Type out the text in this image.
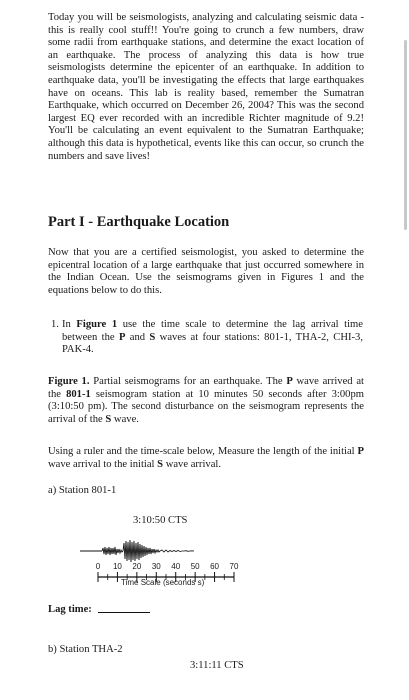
Today you will be seismologists, analyzing and calculating seismic data - this is really cool stuff!! You're going to crunch a few numbers, draw some radii from earthquake stations, and determine the exact location of an earthquake. The process of analyzing this data is how true seismologists determine the epicenter of an earthquake. In addition to earthquake data, you'll be investigating the effects that large earthquakes have on oceans. This lab is reality based, remember the Sumatran Earthquake, which occurred on December 26, 2004? This was the second largest EQ ever recorded with an incredible Richter magnitude of 9.2! You'll be calculating an event equivalent to the Sumatran Earthquake; although this data is hypothetical, events like this can occur, so crunch the numbers and save lives!
Part I - Earthquake Location
Now that you are a certified seismologist, you asked to determine the epicentral location of a large earthquake that just occurred somewhere in the Indian Ocean. Use the seismograms given in Figures 1 and the equations below to do this.
1. In Figure 1 use the time scale to determine the lag arrival time between the P and S waves at four stations: 801-1, THA-2, CHI-3, PAK-4.
Figure 1. Partial seismograms for an earthquake. The P wave arrived at the 801-1 seismogram station at 10 minutes 50 seconds after 3:00pm (3:10:50 pm). The second disturbance on the seismogram represents the arrival of the S wave.
Using a ruler and the time-scale below, Measure the length of the initial P wave arrival to the initial S wave arrival.
a) Station 801-1
3:10:50 CTS
0	10 20 30 40 50 60 70
Time Scale (seconds s)
Lag time:
b) Station THA-2
3:11:11 CTS
